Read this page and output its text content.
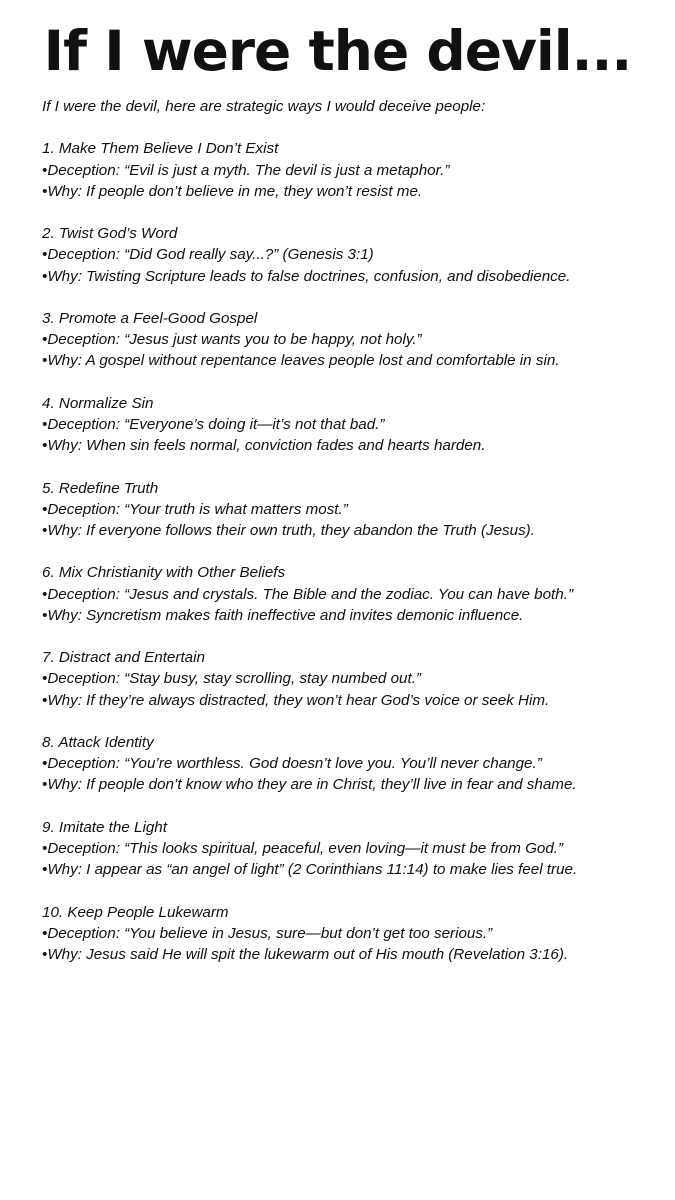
If I were the devil...

If I were the devil, here are strategic ways I would deceive people:

1. Make Them Believe I Don’t Exist
•Deception: “Evil is just a myth. The devil is just a metaphor.”
•Why: If people don’t believe in me, they won’t resist me.
2. Twist God’s Word
•Deception: “Did God really say...?” (Genesis 3:1)
•Why: Twisting Scripture leads to false doctrines, confusion, and disobedience.
3. Promote a Feel-Good Gospel
•Deception: “Jesus just wants you to be happy, not holy.”
•Why: A gospel without repentance leaves people lost and comfortable in sin.
4. Normalize Sin
•Deception: “Everyone’s doing it—it’s not that bad.”
•Why: When sin feels normal, conviction fades and hearts harden.
5. Redefine Truth
•Deception: “Your truth is what matters most.”
•Why: If everyone follows their own truth, they abandon the Truth (Jesus).
6. Mix Christianity with Other Beliefs
•Deception: “Jesus and crystals. The Bible and the zodiac. You can have both.”
•Why: Syncretism makes faith ineffective and invites demonic influence.
7. Distract and Entertain
•Deception: “Stay busy, stay scrolling, stay numbed out.”
•Why: If they’re always distracted, they won’t hear God’s voice or seek Him.
8. Attack Identity
•Deception: “You’re worthless. God doesn’t love you. You’ll never change.”
•Why: If people don’t know who they are in Christ, they’ll live in fear and shame.
9. Imitate the Light
•Deception: “This looks spiritual, peaceful, even loving—it must be from God.”
•Why: I appear as “an angel of light” (2 Corinthians 11:14) to make lies feel true.
10. Keep People Lukewarm
•Deception: “You believe in Jesus, sure—but don’t get too serious.”
•Why: Jesus said He will spit the lukewarm out of His mouth (Revelation 3:16).
